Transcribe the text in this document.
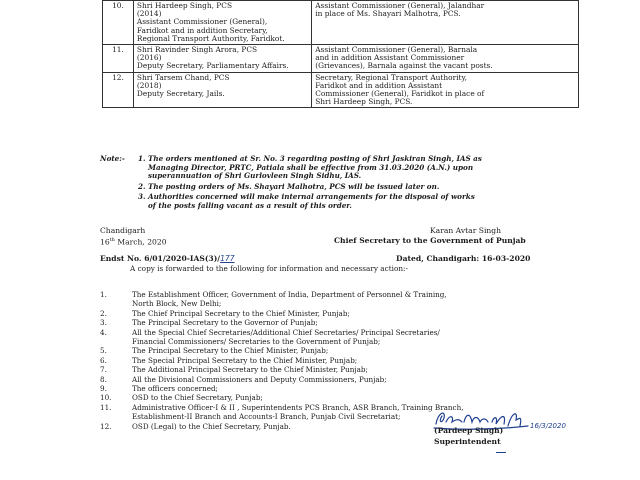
10.	Shri Hardeep Singh, PCS
(2014)
Assistant Commissioner (General),
Faridkot and in addition Secretary,
Regional Transport Authority, Faridkot.	Assistant Commissioner (General), Jalandhar
in place of Ms. Shayari Malhotra, PCS.

11.	Shri Ravinder Singh Arora, PCS
(2016)
Deputy Secretary, Parliamentary Affairs.	Assistant Commissioner (General), Barnala
and in addition Assistant Commissioner
(Grievances), Barnala against the vacant posts.

12.	Shri Tarsem Chand, PCS
(2018)
Deputy Secretary, Jails.	Secretary, Regional Transport Authority,
Faridkot and in addition Assistant
Commissioner (General), Faridkot in place of
Shri Hardeep Singh, PCS.
Note:- 1. The orders mentioned at Sr. No. 3 regarding posting of Shri Jaskiran Singh, IAS as
Managing Director, PRTC, Patiala shall be effective from 31.03.2020 (A.N.) upon
superannuation of Shri Gurlovleen Singh Sidhu, IAS.
2. The posting orders of Ms. Shayari Malhotra, PCS will be issued later on.
3. Authorities concerned will make internal arrangements for the disposal of works
of the posts falling vacant as a result of this order.
Chandigarh
16th March, 2020
Karan Avtar Singh
Chief Secretary to the Government of Punjab
Endst No. 6/01/2020-IAS(3)/177	Dated, Chandigarh: 16-03-2020
A copy is forwarded to the following for information and necessary action:-
1.	The Establishment Officer, Government of India, Department of Personnel & Training,
North Block, New Delhi;
2.	The Chief Principal Secretary to the Chief Minister, Punjab;
3.	The Principal Secretary to the Governor of Punjab;
4.	All the Special Chief Secretaries/Additional Chief Secretaries/ Principal Secretaries/
Financial Commissioners/ Secretaries to the Government of Punjab;
5.	The Principal Secretary to the Chief Minister, Punjab;
6.	The Special Principal Secretary to the Chief Minister, Punjab;
7.	The Additional Principal Secretary to the Chief Minister, Punjab;
8.	All the Divisional Commissioners and Deputy Commissioners, Punjab;
9.	The officers concerned;
10.	OSD to the Chief Secretary, Punjab;
11.	Administrative Officer-I & II , Superintendents PCS Branch, ASR Branch, Training Branch,
Establishment-II Branch and Accounts-I Branch, Punjab Civil Secretariat;
12.	OSD (Legal) to the Chief Secretary, Punjab.	16/3/2020
(Pardeep Singh)
Superintendent
